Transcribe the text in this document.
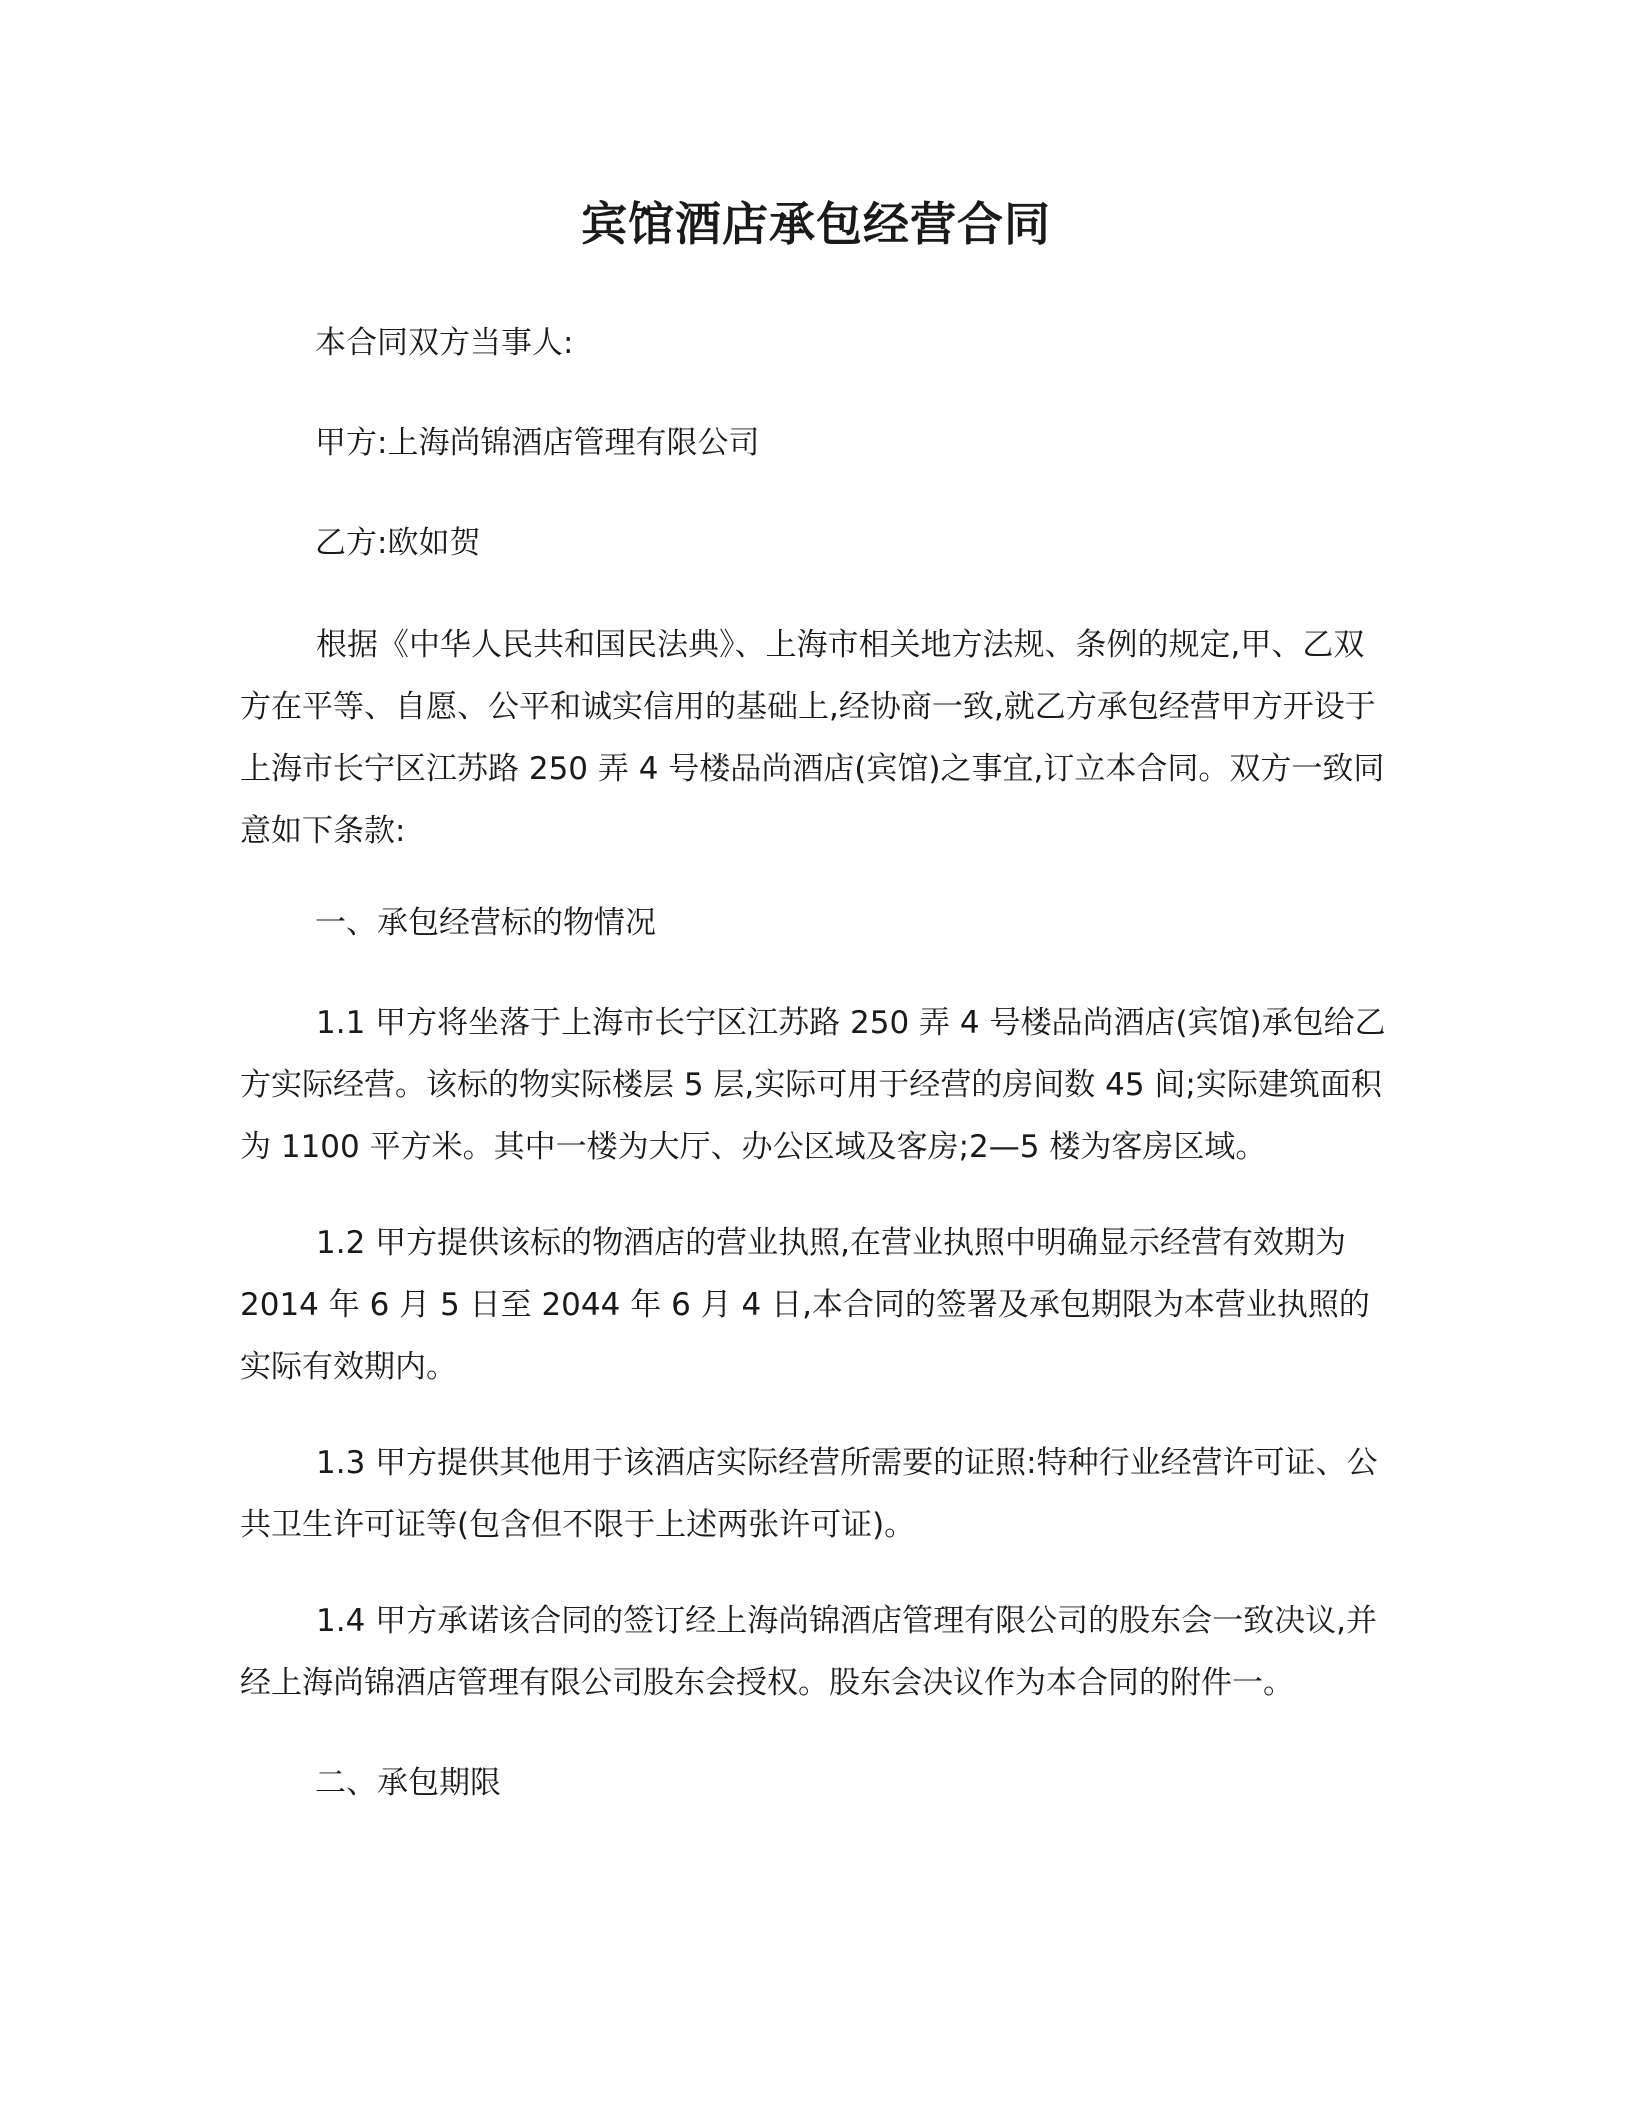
宾馆酒店承包经营合同

本合同双方当事人:

甲方:上海尚锦酒店管理有限公司

乙方:欧如贺

根据《中华人民共和国民法典》、上海市相关地方法规、条例的规定,甲、乙双方在平等、自愿、公平和诚实信用的基础上,经协商一致,就乙方承包经营甲方开设于上海市长宁区江苏路 250 弄 4 号楼品尚酒店(宾馆)之事宜,订立本合同。双方一致同意如下条款:

一、承包经营标的物情况

1.1 甲方将坐落于上海市长宁区江苏路 250 弄 4 号楼品尚酒店(宾馆)承包给乙方实际经营。该标的物实际楼层 5 层,实际可用于经营的房间数 45 间;实际建筑面积为 1100 平方米。其中一楼为大厅、办公区域及客房;2—5 楼为客房区域。

1.2 甲方提供该标的物酒店的营业执照,在营业执照中明确显示经营有效期为 2014 年 6 月 5 日至 2044 年 6 月 4 日,本合同的签署及承包期限为本营业执照的实际有效期内。

1.3 甲方提供其他用于该酒店实际经营所需要的证照:特种行业经营许可证、公共卫生许可证等(包含但不限于上述两张许可证)。

1.4 甲方承诺该合同的签订经上海尚锦酒店管理有限公司的股东会一致决议,并经上海尚锦酒店管理有限公司股东会授权。股东会决议作为本合同的附件一。

二、承包期限
